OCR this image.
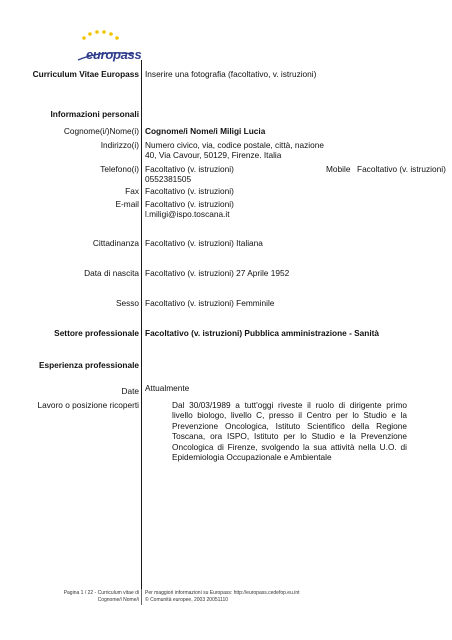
europass
Curriculum Vitae Europass Inserire una fotografia (facoltativo, v. istruzioni)
Informazioni personali
Cognome(i/)Nome(i) Cognome/i Nome/i Miligi Lucia
Indirizzo(i) Numero civico, via, codice postale, città, nazione
40, Via Cavour, 50129, Firenze. Italia
Telefono(i) Facoltativo (v. istruzioni)
0552381505
Mobile Facoltativo (v. istruzioni)
Fax Facoltativo (v. istruzioni)
E-mail Facoltativo (v. istruzioni)
l.miligi@ispo.toscana.it
Cittadinanza Facoltativo (v. istruzioni) Italiana
Data di nascita Facoltativo (v. istruzioni) 27 Aprile 1952
Sesso Facoltativo (v. istruzioni) Femminile
Settore professionale Facoltativo (v. istruzioni) Pubblica amministrazione - Sanità
Esperienza professionale
Date Attualmente
Lavoro o posizione ricoperti	Dal 30/03/1989 a tutt'oggi riveste il ruolo di dirigente primo livello biologo, livello C, presso il Centro per lo Studio e la Prevenzione Oncologica, Istituto Scientifico della Regione Toscana, ora ISPO, Istituto per lo Studio e la Prevenzione Oncologica di Firenze, svolgendo la sua attività nella U.O. di Epidemiologia Occupazionale e Ambientale
Pagina 1 / 22 - Curriculum vitae di
Cognome/i Nome/i
Per maggiori informazioni su Europass: http://europass.cedefop.eu.int
© Comunità europee, 2003 20051110
